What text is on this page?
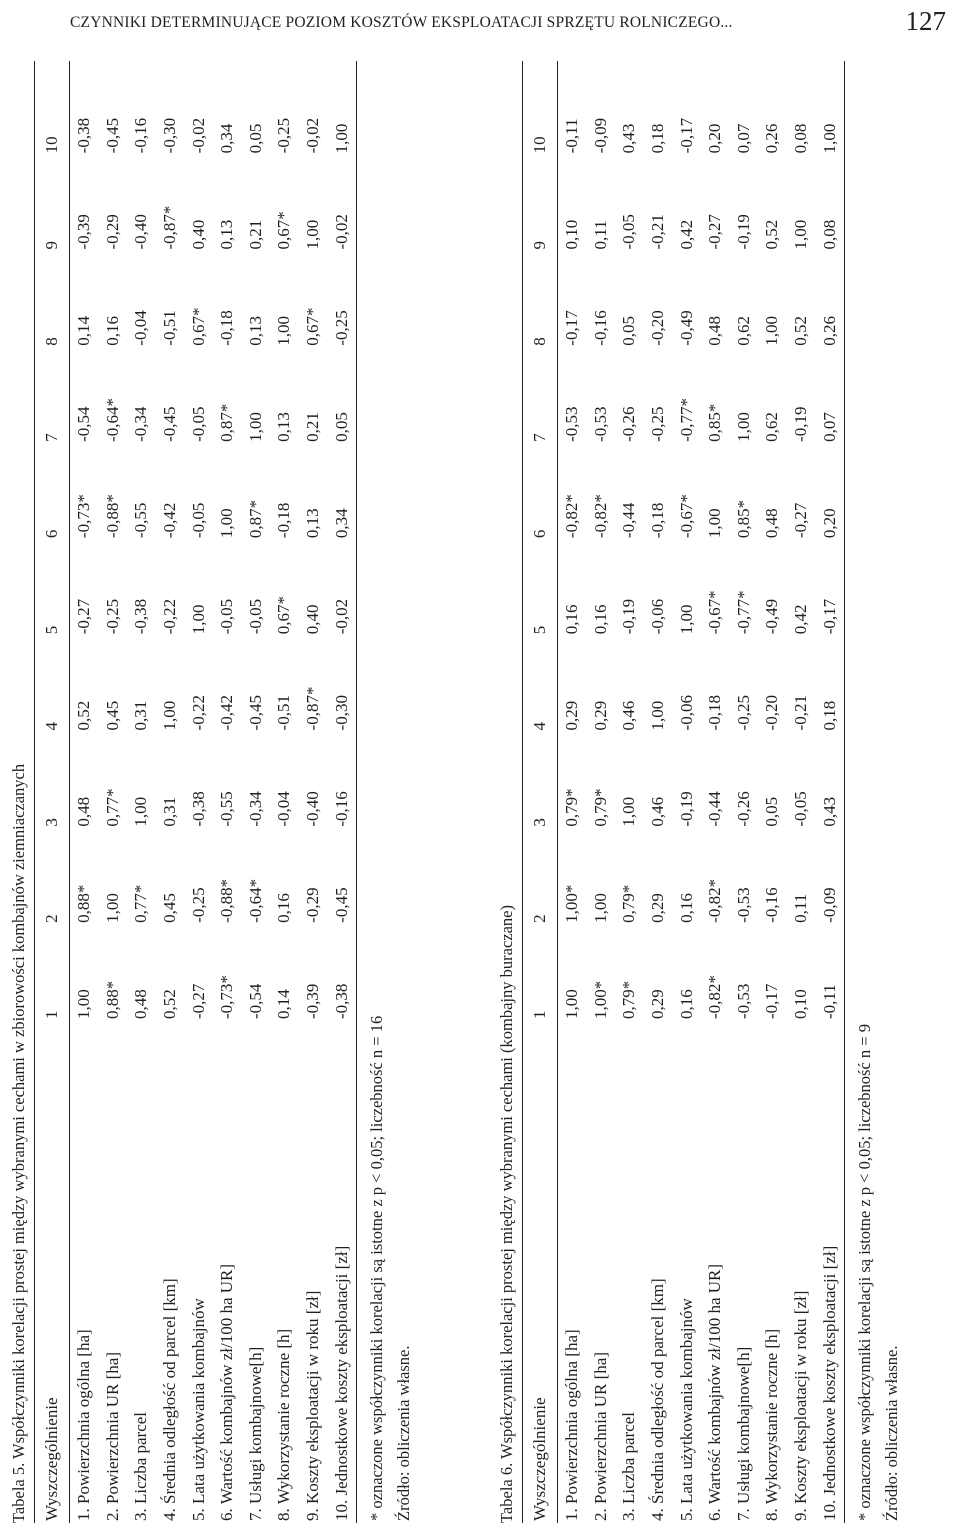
CZYNNIKI DETERMINUJĄCE POZIOM KOSZTÓW EKSPLOATACJI SPRZĘTU ROLNICZEGO...	127
Tabela 5. Współczynniki korelacji prostej między wybranymi cechami w zbiorowości kombajnów ziemniaczanych Wyszczególnienie	1	2	3	4	5	6	7	8	9	10
1. Powierzchnia ogólna [ha]	1,00	0,88*	0,48	0,52	-0,27	-0,73*	-0,54	0,14	-0,39	-0,38
2. Powierzchnia UR [ha]	0,88*	1,00	0,77*	0,45	-0,25	-0,88*	-0,64*	0,16	-0,29	-0,45
3. Liczba parcel	0,48	0,77*	1,00	0,31	-0,38	-0,55	-0,34	-0,04	-0,40	-0,16
4. Średnia odległość od parcel [km]	0,52	0,45	0,31	1,00	-0,22	-0,42	-0,45	-0,51	-0,87*	-0,30
5. Lata użytkowania kombajnów	-0,27	-0,25	-0,38	-0,22	1,00	-0,05	-0,05	0,67*	0,40	-0,02
6. Wartość kombajnów zł/100 ha UR]	-0,73*	-0,88*	-0,55	-0,42	-0,05	1,00	0,87*	-0,18	0,13	0,34
7. Usługi kombajnowe[h]	-0,54	-0,64*	-0,34	-0,45	-0,05	0,87*	1,00	0,13	0,21	0,05
8. Wykorzystanie roczne [h]	0,14	0,16	-0,04	-0,51	0,67*	-0,18	0,13	1,00	0,67*	-0,25
9. Koszty eksploatacji w roku [zł]	-0,39	-0,29	-0,40	-0,87*	0,40	0,13	0,21	0,67*	1,00	-0,02
10. Jednostkowe koszty eksploatacji [zł]	-0,38	-0,45	-0,16	-0,30	-0,02	0,34	0,05	-0,25	-0,02	1,00
* oznaczone współczynniki korelacji są istotne z p < 0,05; liczebność n = 16 Źródło: obliczenia własne.	Tabela 6. Współczynniki korelacji prostej między wybranymi cechami (kombajny buraczane) Wyszczególnienie	1	2	3	4	5	6	7	8	9	10
1. Powierzchnia ogólna [ha]	1,00	1,00*	0,79*	0,29	0,16	-0,82*	-0,53	-0,17	0,10	-0,11
2. Powierzchnia UR [ha]	1,00*	1,00	0,79*	0,29	0,16	-0,82*	-0,53	-0,16	0,11	-0,09
3. Liczba parcel	0,79*	0,79*	1,00	0,46	-0,19	-0,44	-0,26	0,05	-0,05	0,43
4. Średnia odległość od parcel [km]	0,29	0,29	0,46	1,00	-0,06	-0,18	-0,25	-0,20	-0,21	0,18
5. Lata użytkowania kombajnów	0,16	0,16	-0,19	-0,06	1,00	-0,67*	-0,77*	-0,49	0,42	-0,17
6. Wartość kombajnów zł/100 ha UR]	-0,82*	-0,82*	-0,44	-0,18	-0,67*	1,00	0,85*	0,48	-0,27	0,20
7. Usługi kombajnowe[h]	-0,53	-0,53	-0,26	-0,25	-0,77*	0,85*	1,00	0,62	-0,19	0,07
8. Wykorzystanie roczne [h]	-0,17	-0,16	0,05	-0,20	-0,49	0,48	0,62	1,00	0,52	0,26
9. Koszty eksploatacji w roku [zł]	0,10	0,11	-0,05	-0,21	0,42	-0,27	-0,19	0,52	1,00	0,08
10. Jednostkowe koszty eksploatacji [zł]	-0,11	-0,09	0,43	0,18	-0,17	0,20	0,07	0,26	0,08	1,00
* oznaczone współczynniki korelacji są istotne z p < 0,05; liczebność n = 9 Źródło: obliczenia własne.
